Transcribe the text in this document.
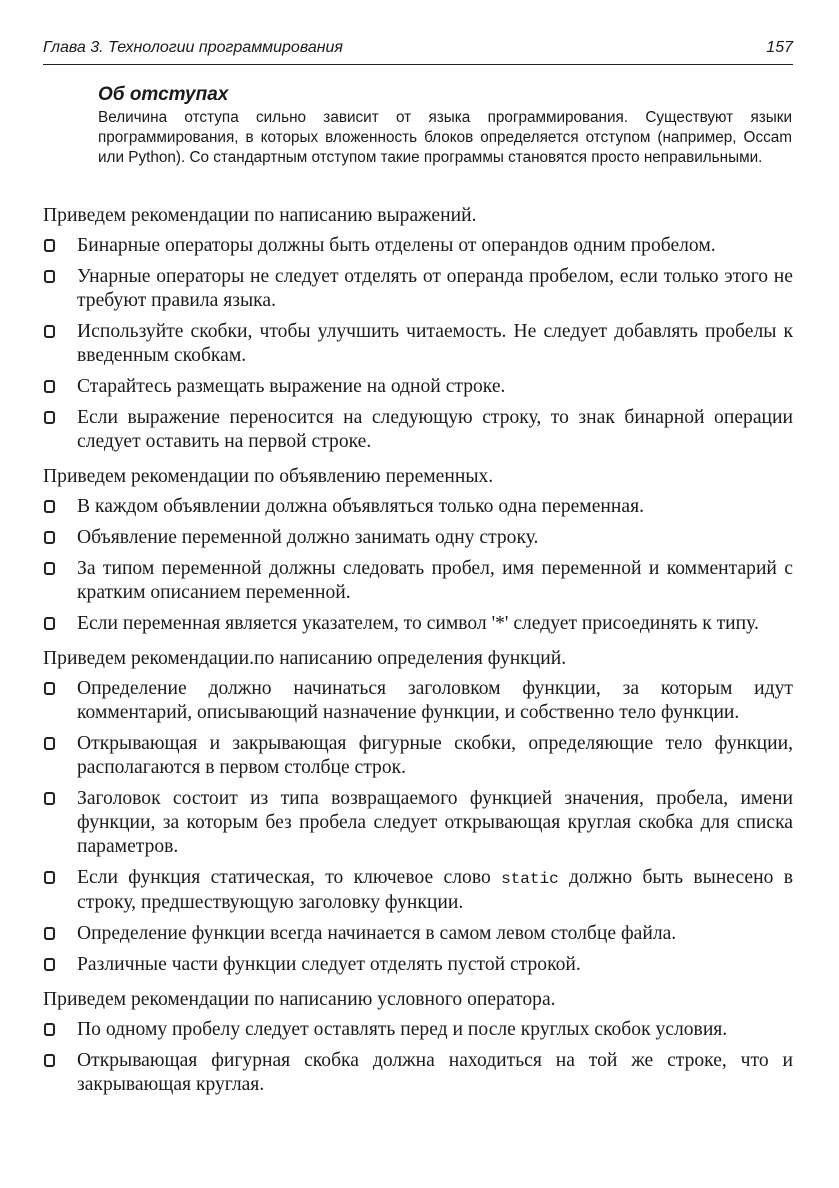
Глава 3. Технологии программирования	157
Об отступах
Величина отступа сильно зависит от языка программирования. Существуют языки программирования, в которых вложенность блоков определяется отступом (например, Occam или Python). Со стандартным отступом такие программы становятся просто неправильными.

Приведем рекомендации по написанию выражений.

Бинарные операторы должны быть отделены от операндов одним пробелом.
Унарные операторы не следует отделять от операнда пробелом, если только этого не требуют правила языка.
Используйте скобки, чтобы улучшить читаемость. Не следует добавлять пробелы к введенным скобкам.
Старайтесь размещать выражение на одной строке.
Если выражение переносится на следующую строку, то знак бинарной операции следует оставить на первой строке.

Приведем рекомендации по объявлению переменных.

В каждом объявлении должна объявляться только одна переменная.
Объявление переменной должно занимать одну строку.
За типом переменной должны следовать пробел, имя переменной и комментарий с кратким описанием переменной.
Если переменная является указателем, то символ '*' следует присоединять к типу.

Приведем рекомендации.по написанию определения функций.

Определение должно начинаться заголовком функции, за которым идут комментарий, описывающий назначение функции, и собственно тело функции.
Открывающая и закрывающая фигурные скобки, определяющие тело функции, располагаются в первом столбце строк.
Заголовок состоит из типа возвращаемого функцией значения, пробела, имени функции, за которым без пробела следует открывающая круглая скобка для списка параметров.
Если функция статическая, то ключевое слово static должно быть вынесено в строку, предшествующую заголовку функции.
Определение функции всегда начинается в самом левом столбце файла.
Различные части функции следует отделять пустой строкой.

Приведем рекомендации по написанию условного оператора.

По одному пробелу следует оставлять перед и после круглых скобок условия.
Открывающая фигурная скобка должна находиться на той же строке, что и закрывающая круглая.
